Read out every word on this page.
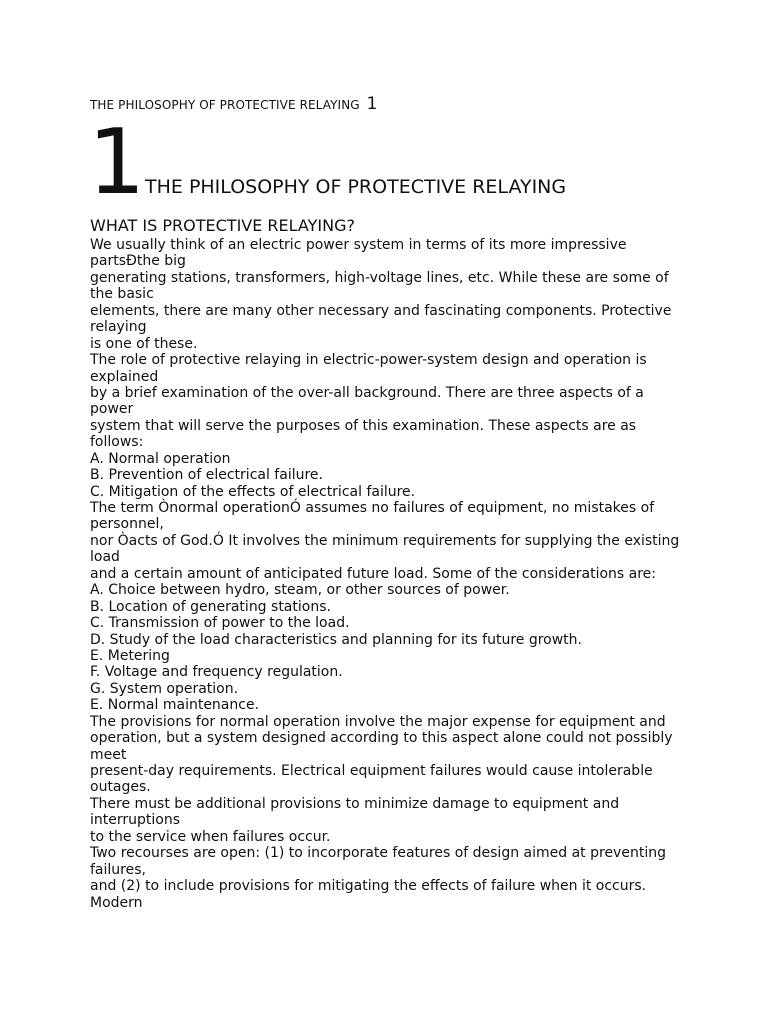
THE PHILOSOPHY OF PROTECTIVE RELAYING 1
1 THE PHILOSOPHY OF PROTECTIVE RELAYING
WHAT IS PROTECTIVE RELAYING?
We usually think of an electric power system in terms of its more impressive
partsÐthe big
generating stations, transformers, high-voltage lines, etc. While these are some of
the basic
elements, there are many other necessary and fascinating components. Protective
relaying
is one of these.
The role of protective relaying in electric-power-system design and operation is
explained
by a brief examination of the over-all background. There are three aspects of a
power
system that will serve the purposes of this examination. These aspects are as
follows:
A. Normal operation
B. Prevention of electrical failure.
C. Mitigation of the effects of electrical failure.
The term Ònormal operationÓ assumes no failures of equipment, no mistakes of
personnel,
nor Òacts of God.Ó It involves the minimum requirements for supplying the existing
load
and a certain amount of anticipated future load. Some of the considerations are:
A. Choice between hydro, steam, or other sources of power.
B. Location of generating stations.
C. Transmission of power to the load.
D. Study of the load characteristics and planning for its future growth.
E. Metering
F. Voltage and frequency regulation.
G. System operation.
E. Normal maintenance.
The provisions for normal operation involve the major expense for equipment and
operation, but a system designed according to this aspect alone could not possibly
meet
present-day requirements. Electrical equipment failures would cause intolerable
outages.
There must be additional provisions to minimize damage to equipment and
interruptions
to the service when failures occur.
Two recourses are open: (1) to incorporate features of design aimed at preventing
failures,
and (2) to include provisions for mitigating the effects of failure when it occurs.
Modern
